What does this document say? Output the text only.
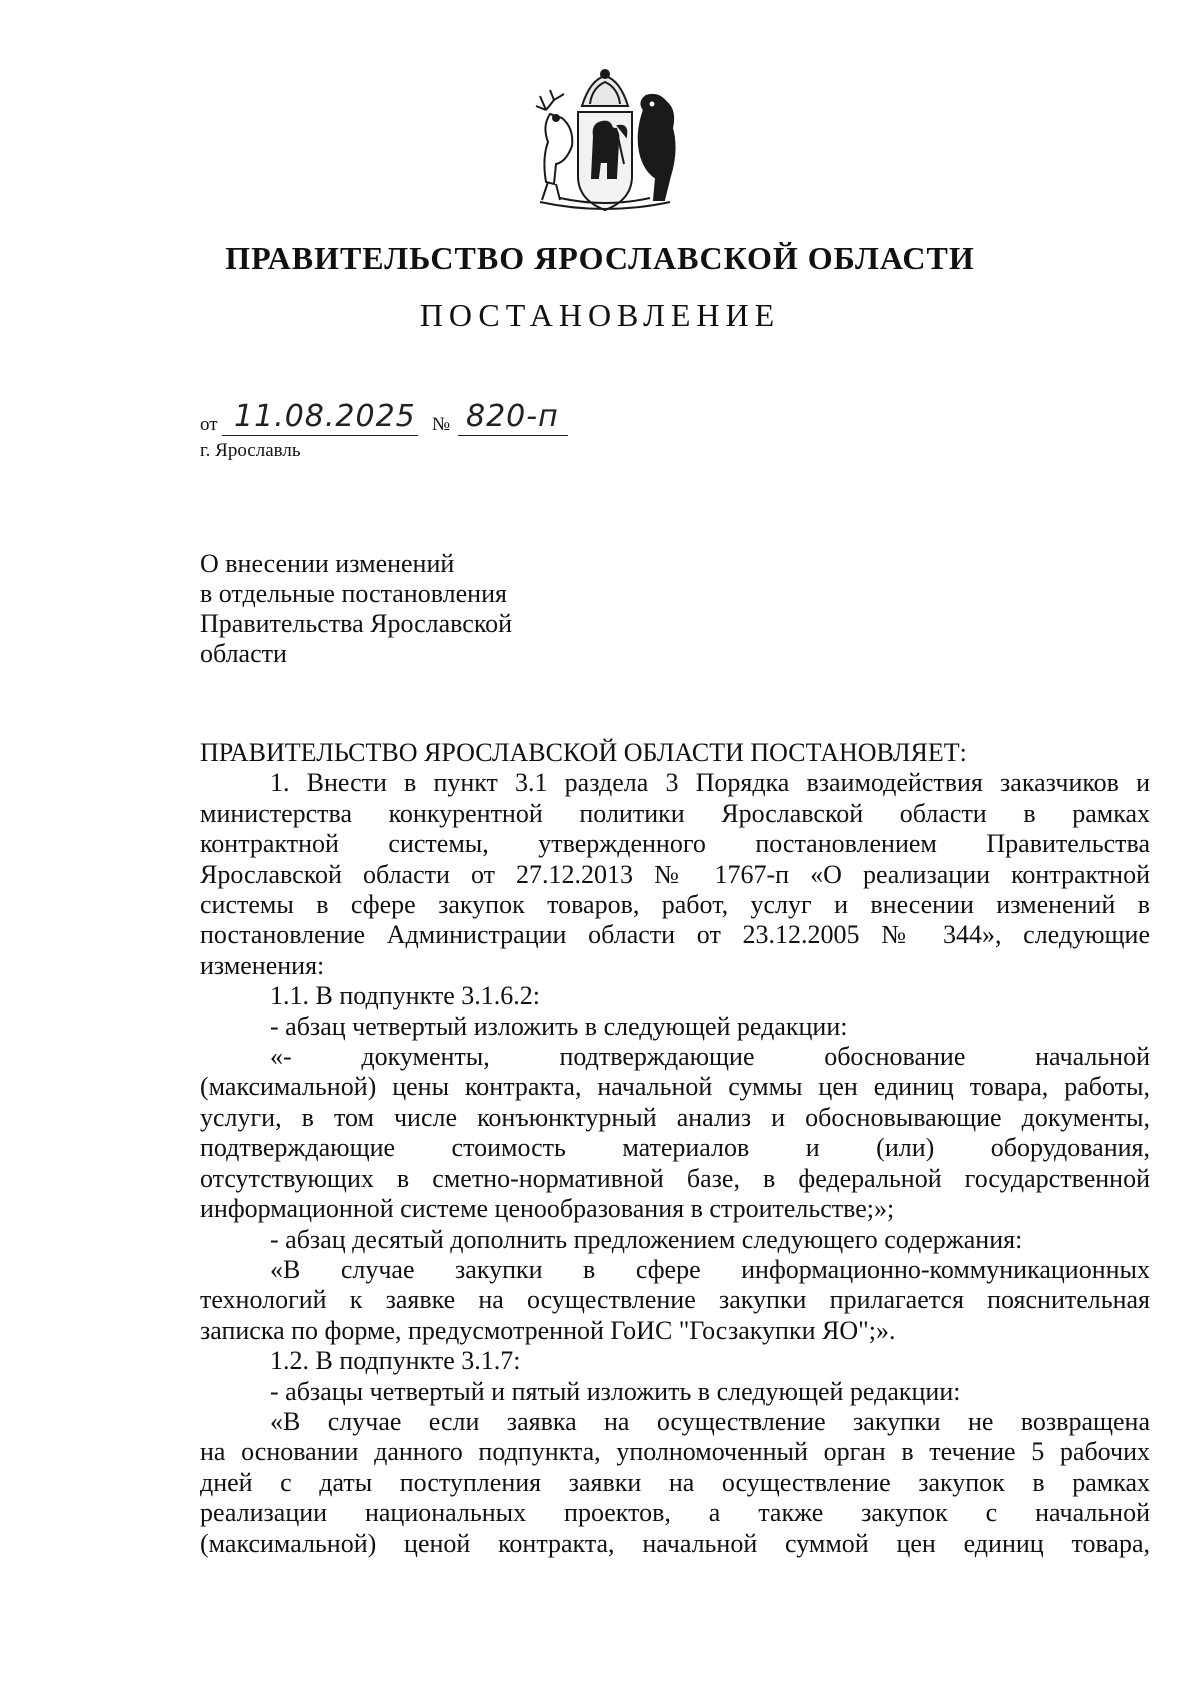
ПРАВИТЕЛЬСТВО ЯРОСЛАВСКОЙ ОБЛАСТИ
ПОСТАНОВЛЕНИЕ
от 11.08.2025 № 820-п
г. Ярославль
О внесении изменений
в отдельные постановления
Правительства Ярославской
области
ПРАВИТЕЛЬСТВО ЯРОСЛАВСКОЙ ОБЛАСТИ ПОСТАНОВЛЯЕТ:
1. Внести в пункт 3.1 раздела 3 Порядка взаимодействия заказчиков и
министерства конкурентной политики Ярославской области в рамках
контрактной системы, утвержденного постановлением Правительства
Ярославской области от 27.12.2013 № 1767-п «О реализации контрактной
системы в сфере закупок товаров, работ, услуг и внесении изменений в
постановление Администрации области от 23.12.2005 № 344», следующие
изменения:
1.1. В подпункте 3.1.6.2:
- абзац четвертый изложить в следующей редакции:
«- документы, подтверждающие обоснование начальной
(максимальной) цены контракта, начальной суммы цен единиц товара, работы,
услуги, в том числе конъюнктурный анализ и обосновывающие документы,
подтверждающие стоимость материалов и (или) оборудования,
отсутствующих в сметно-нормативной базе, в федеральной государственной
информационной системе ценообразования в строительстве;»;
- абзац десятый дополнить предложением следующего содержания:
«В случае закупки в сфере информационно-коммуникационных
технологий к заявке на осуществление закупки прилагается пояснительная
записка по форме, предусмотренной ГоИС "Госзакупки ЯО";».
1.2. В подпункте 3.1.7:
- абзацы четвертый и пятый изложить в следующей редакции:
«В случае если заявка на осуществление закупки не возвращена
на основании данного подпункта, уполномоченный орган в течение 5 рабочих
дней с даты поступления заявки на осуществление закупок в рамках
реализации национальных проектов, а также закупок с начальной
(максимальной) ценой контракта, начальной суммой цен единиц товара,
